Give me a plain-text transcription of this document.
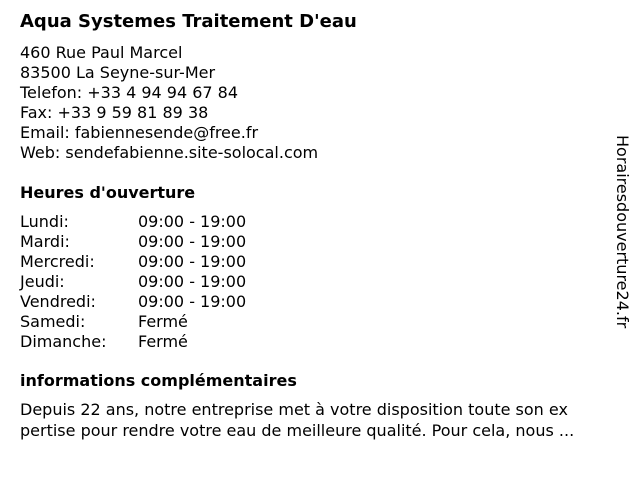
Aqua Systemes Traitement D'eau
460 Rue Paul Marcel
83500 La Seyne-sur-Mer
Telefon: +33 4 94 94 67 84
Fax: +33 9 59 81 89 38
Email: fabiennesende@free.fr
Web: sendefabienne.site-solocal.com
Heures d'ouverture
Lundi:	09:00 - 19:00
Mardi:	09:00 - 19:00
Mercredi:	09:00 - 19:00
Jeudi:	09:00 - 19:00
Vendredi:	09:00 - 19:00
Samedi:	Fermé
Dimanche:	Fermé
informations complémentaires
Depuis 22 ans, notre entreprise met à votre disposition toute son ex
pertise pour rendre votre eau de meilleure qualité. Pour cela, nous ...
Horairesdouverture24.fr
